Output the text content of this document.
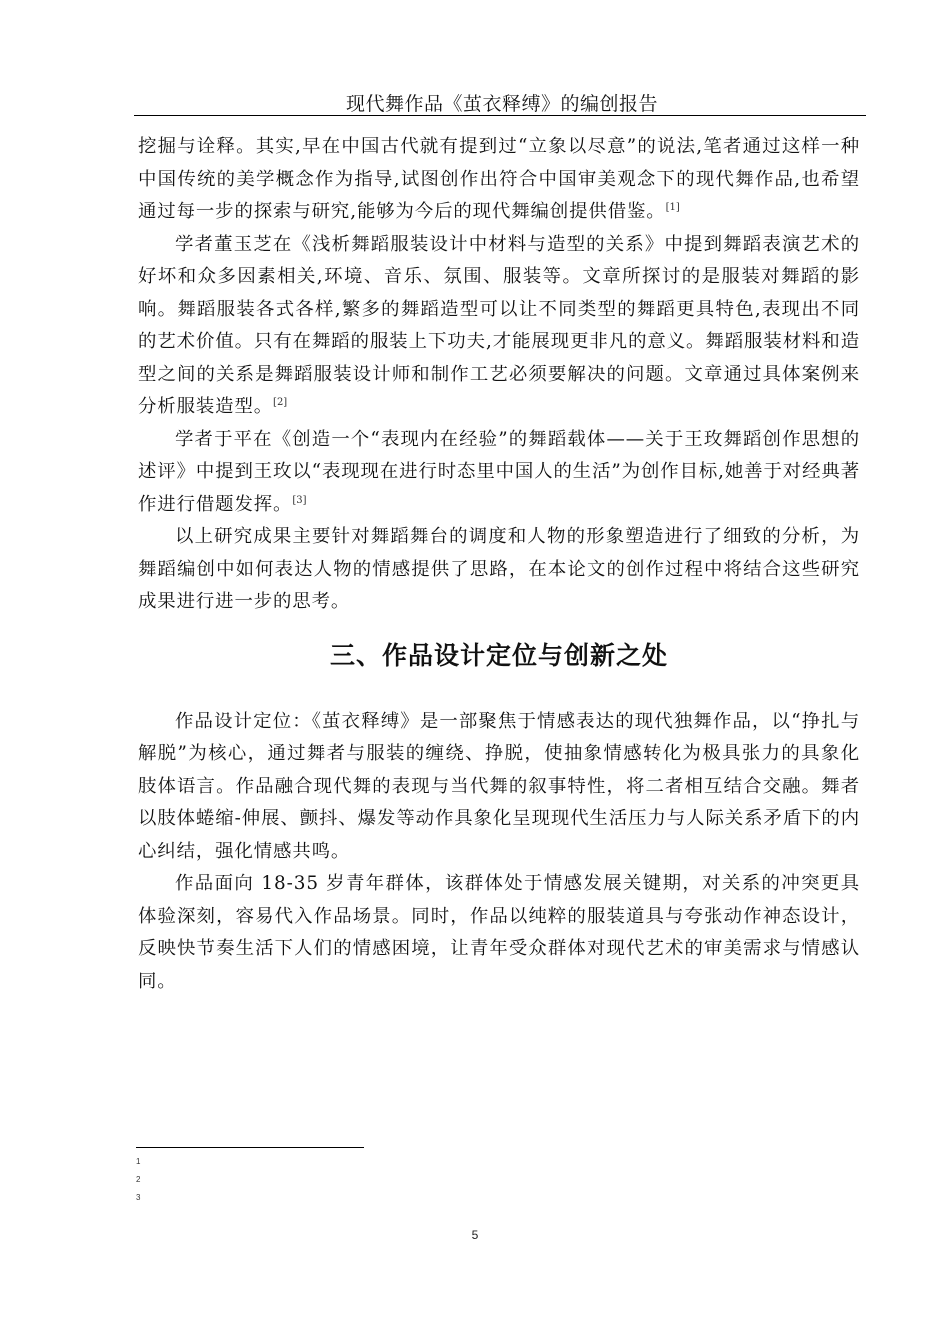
现代舞作品《茧衣释缚》的编创报告

挖掘与诠释。其实,早在中国古代就有提到过“立象以尽意”的说法,笔者通过这样一种中国传统的美学概念作为指导,试图创作出符合中国审美观念下的现代舞作品,也希望通过每一步的探索与研究,能够为今后的现代舞编创提供借鉴。[1]

学者董玉芝在《浅析舞蹈服装设计中材料与造型的关系》中提到舞蹈表演艺术的好坏和众多因素相关,环境、音乐、氛围、服装等。文章所探讨的是服装对舞蹈的影响。舞蹈服装各式各样,繁多的舞蹈造型可以让不同类型的舞蹈更具特色,表现出不同的艺术价值。只有在舞蹈的服装上下功夫,才能展现更非凡的意义。舞蹈服装材料和造型之间的关系是舞蹈服装设计师和制作工艺必须要解决的问题。文章通过具体案例来分析服装造型。[2]

学者于平在《创造一个“表现内在经验”的舞蹈载体——关于王玫舞蹈创作思想的述评》中提到王玫以“表现现在进行时态里中国人的生活”为创作目标,她善于对经典著作进行借题发挥。[3]

以上研究成果主要针对舞蹈舞台的调度和人物的形象塑造进行了细致的分析，为舞蹈编创中如何表达人物的情感提供了思路，在本论文的创作过程中将结合这些研究成果进行进一步的思考。

三、作品设计定位与创新之处

作品设计定位：《茧衣释缚》是一部聚焦于情感表达的现代独舞作品，以“挣扎与解脱”为核心，通过舞者与服装的缠绕、挣脱，使抽象情感转化为极具张力的具象化肢体语言。作品融合现代舞的表现与当代舞的叙事特性，将二者相互结合交融。舞者以肢体蜷缩-伸展、颤抖、爆发等动作具象化呈现现代生活压力与人际关系矛盾下的内心纠结，强化情感共鸣。

作品面向 18-35 岁青年群体，该群体处于情感发展关键期，对关系的冲突更具体验深刻，容易代入作品场景。同时，作品以纯粹的服装道具与夸张动作神态设计，反映快节奏生活下人们的情感困境，让青年受众群体对现代艺术的审美需求与情感认同。

1
2
3
5
